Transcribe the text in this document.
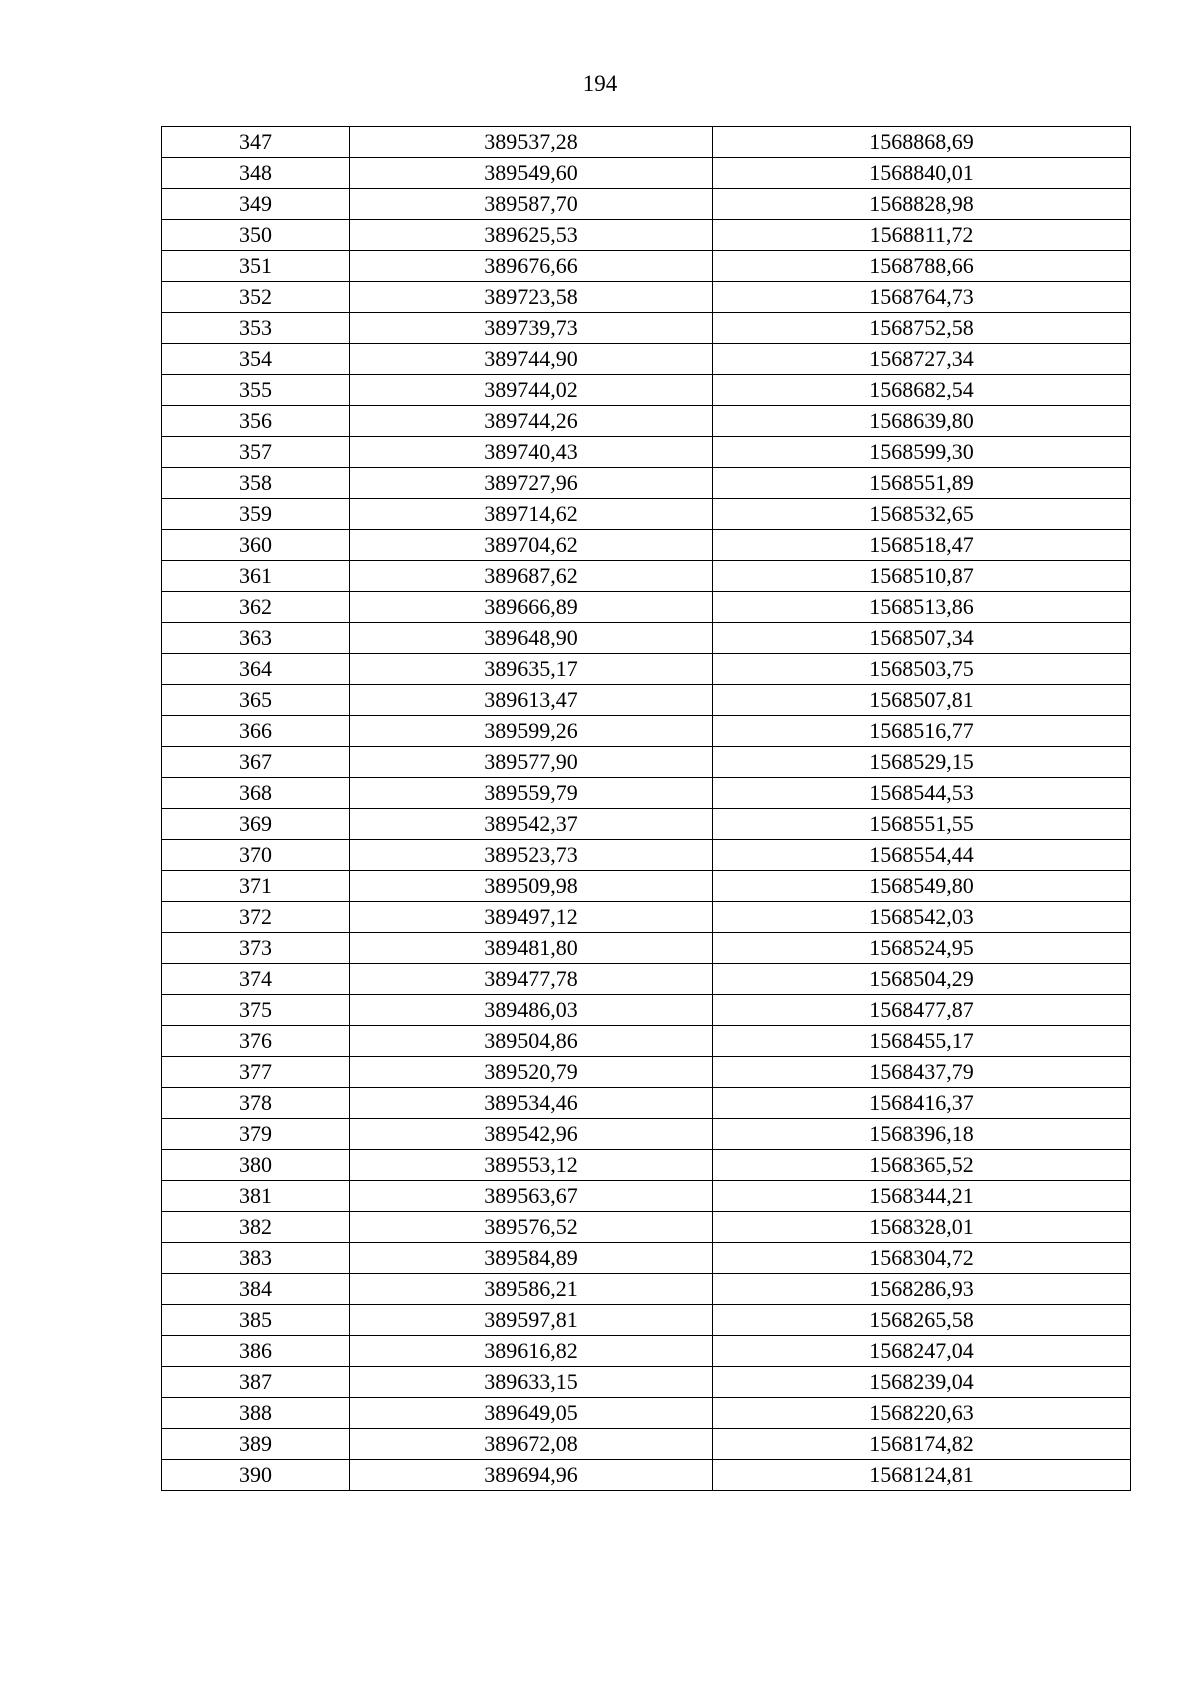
194
347	389537,28	1568868,69
348	389549,60	1568840,01
349	389587,70	1568828,98
350	389625,53	1568811,72
351	389676,66	1568788,66
352	389723,58	1568764,73
353	389739,73	1568752,58
354	389744,90	1568727,34
355	389744,02	1568682,54
356	389744,26	1568639,80
357	389740,43	1568599,30
358	389727,96	1568551,89
359	389714,62	1568532,65
360	389704,62	1568518,47
361	389687,62	1568510,87
362	389666,89	1568513,86
363	389648,90	1568507,34
364	389635,17	1568503,75
365	389613,47	1568507,81
366	389599,26	1568516,77
367	389577,90	1568529,15
368	389559,79	1568544,53
369	389542,37	1568551,55
370	389523,73	1568554,44
371	389509,98	1568549,80
372	389497,12	1568542,03
373	389481,80	1568524,95
374	389477,78	1568504,29
375	389486,03	1568477,87
376	389504,86	1568455,17
377	389520,79	1568437,79
378	389534,46	1568416,37
379	389542,96	1568396,18
380	389553,12	1568365,52
381	389563,67	1568344,21
382	389576,52	1568328,01
383	389584,89	1568304,72
384	389586,21	1568286,93
385	389597,81	1568265,58
386	389616,82	1568247,04
387	389633,15	1568239,04
388	389649,05	1568220,63
389	389672,08	1568174,82
390	389694,96	1568124,81
